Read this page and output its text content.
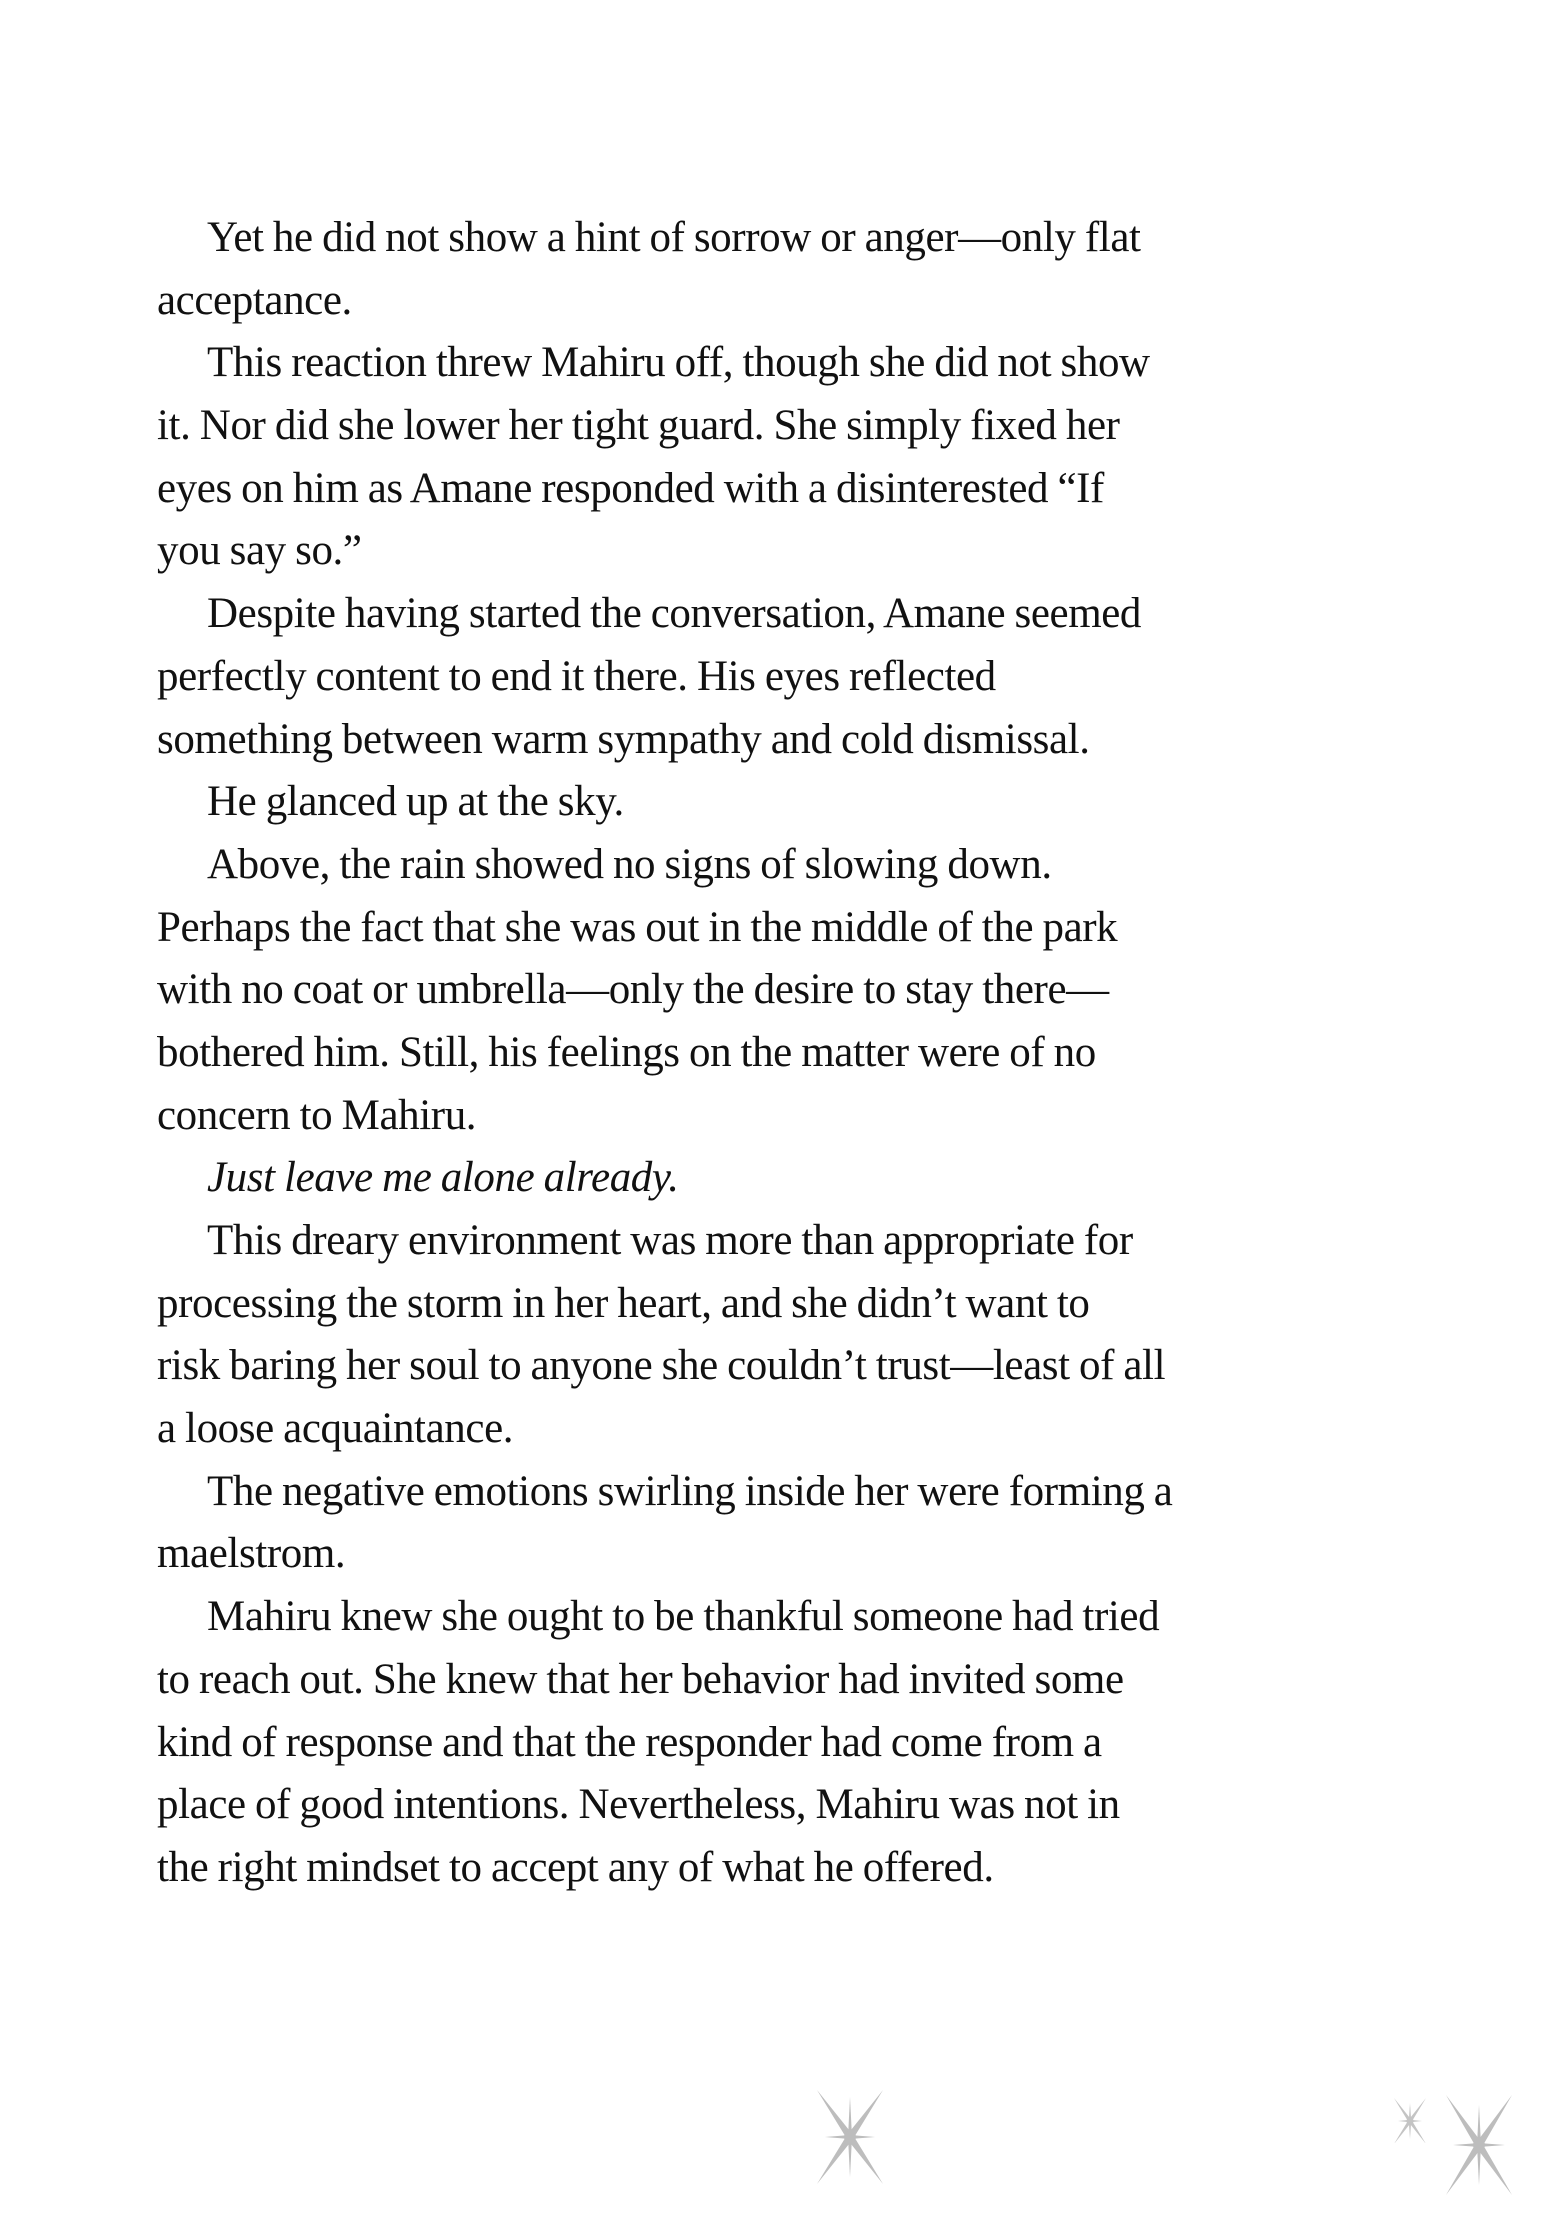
Yet he did not show a hint of sorrow or anger—only flat
acceptance.
This reaction threw Mahiru off, though she did not show
it. Nor did she lower her tight guard. She simply fixed her
eyes on him as Amane responded with a disinterested “If
you say so.”
Despite having started the conversation, Amane seemed
perfectly content to end it there. His eyes reflected
something between warm sympathy and cold dismissal.
He glanced up at the sky.
Above, the rain showed no signs of slowing down.
Perhaps the fact that she was out in the middle of the park
with no coat or umbrella—only the desire to stay there—
bothered him. Still, his feelings on the matter were of no
concern to Mahiru.
Just leave me alone already.
This dreary environment was more than appropriate for
processing the storm in her heart, and she didn’t want to
risk baring her soul to anyone she couldn’t trust—least of all
a loose acquaintance.
The negative emotions swirling inside her were forming a
maelstrom.
Mahiru knew she ought to be thankful someone had tried
to reach out. She knew that her behavior had invited some
kind of response and that the responder had come from a
place of good intentions. Nevertheless, Mahiru was not in
the right mindset to accept any of what he offered.
